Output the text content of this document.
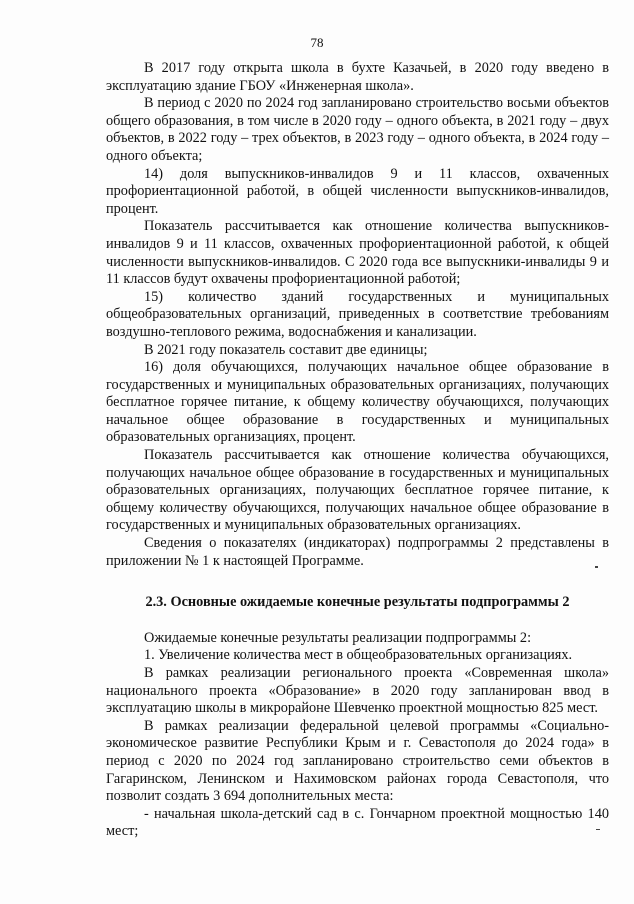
78

В 2017 году открыта школа в бухте Казачьей, в 2020 году введено в эксплуатацию здание ГБОУ «Инженерная школа».

В период с 2020 по 2024 год запланировано строительство восьми объектов общего образования, в том числе в 2020 году – одного объекта, в 2021 году – двух объектов, в 2022 году – трех объектов, в 2023 году – одного объекта, в 2024 году – одного объекта;

14) доля выпускников-инвалидов 9 и 11 классов, охваченных профориентационной работой, в общей численности выпускников-инвалидов, процент.

Показатель рассчитывается как отношение количества выпускников-инвалидов 9 и 11 классов, охваченных профориентационной работой, к общей численности выпускников-инвалидов. С 2020 года все выпускники-инвалиды 9 и 11 классов будут охвачены профориентационной работой;

15) количество зданий государственных и муниципальных общеобразовательных организаций, приведенных в соответствие требованиям воздушно-теплового режима, водоснабжения и канализации.

В 2021 году показатель составит две единицы;

16) доля обучающихся, получающих начальное общее образование в государственных и муниципальных образовательных организациях, получающих бесплатное горячее питание, к общему количеству обучающихся, получающих начальное общее образование в государственных и муниципальных образовательных организациях, процент.

Показатель рассчитывается как отношение количества обучающихся, получающих начальное общее образование в государственных и муниципальных образовательных организациях, получающих бесплатное горячее питание, к общему количеству обучающихся, получающих начальное общее образование в государственных и муниципальных образовательных организациях.

Сведения о показателях (индикаторах) подпрограммы 2 представлены в приложении № 1 к настоящей Программе.

2.3. Основные ожидаемые конечные результаты подпрограммы 2

Ожидаемые конечные результаты реализации подпрограммы 2:

1. Увеличение количества мест в общеобразовательных организациях.

В рамках реализации регионального проекта «Современная школа» национального проекта «Образование» в 2020 году запланирован ввод в эксплуатацию школы в микрорайоне Шевченко проектной мощностью 825 мест.

В рамках реализации федеральной целевой программы «Социально-экономическое развитие Республики Крым и г. Севастополя до 2024 года» в период с 2020 по 2024 год запланировано строительство семи объектов в Гагаринском, Ленинском и Нахимовском районах города Севастополя, что позволит создать 3 694 дополнительных места:

- начальная школа-детский сад в с. Гончарном проектной мощностью 140 мест;
